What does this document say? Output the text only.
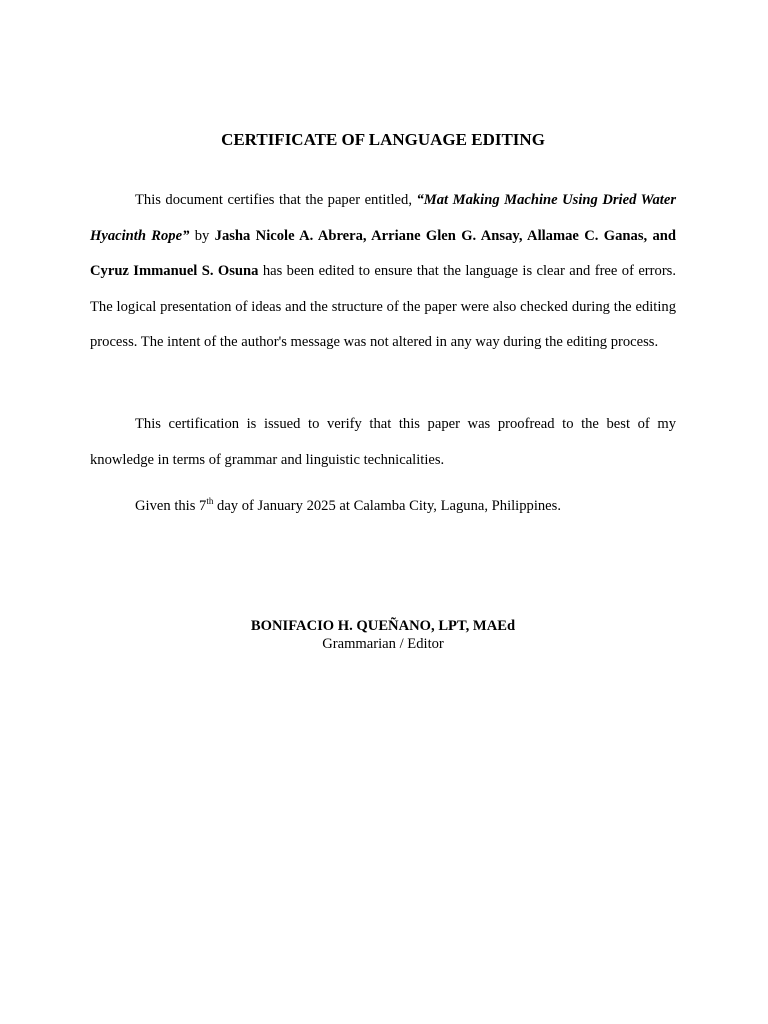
CERTIFICATE OF LANGUAGE EDITING

This document certifies that the paper entitled, “Mat Making Machine Using Dried Water Hyacinth Rope” by Jasha Nicole A. Abrera, Arriane Glen G. Ansay, Allamae C. Ganas, and Cyruz Immanuel S. Osuna has been edited to ensure that the language is clear and free of errors. The logical presentation of ideas and the structure of the paper were also checked during the editing process. The intent of the author's message was not altered in any way during the editing process.

This certification is issued to verify that this paper was proofread to the best of my knowledge in terms of grammar and linguistic technicalities.

Given this 7th day of January 2025 at Calamba City, Laguna, Philippines.

BONIFACIO H. QUEÑANO, LPT, MAEd
Grammarian / Editor
